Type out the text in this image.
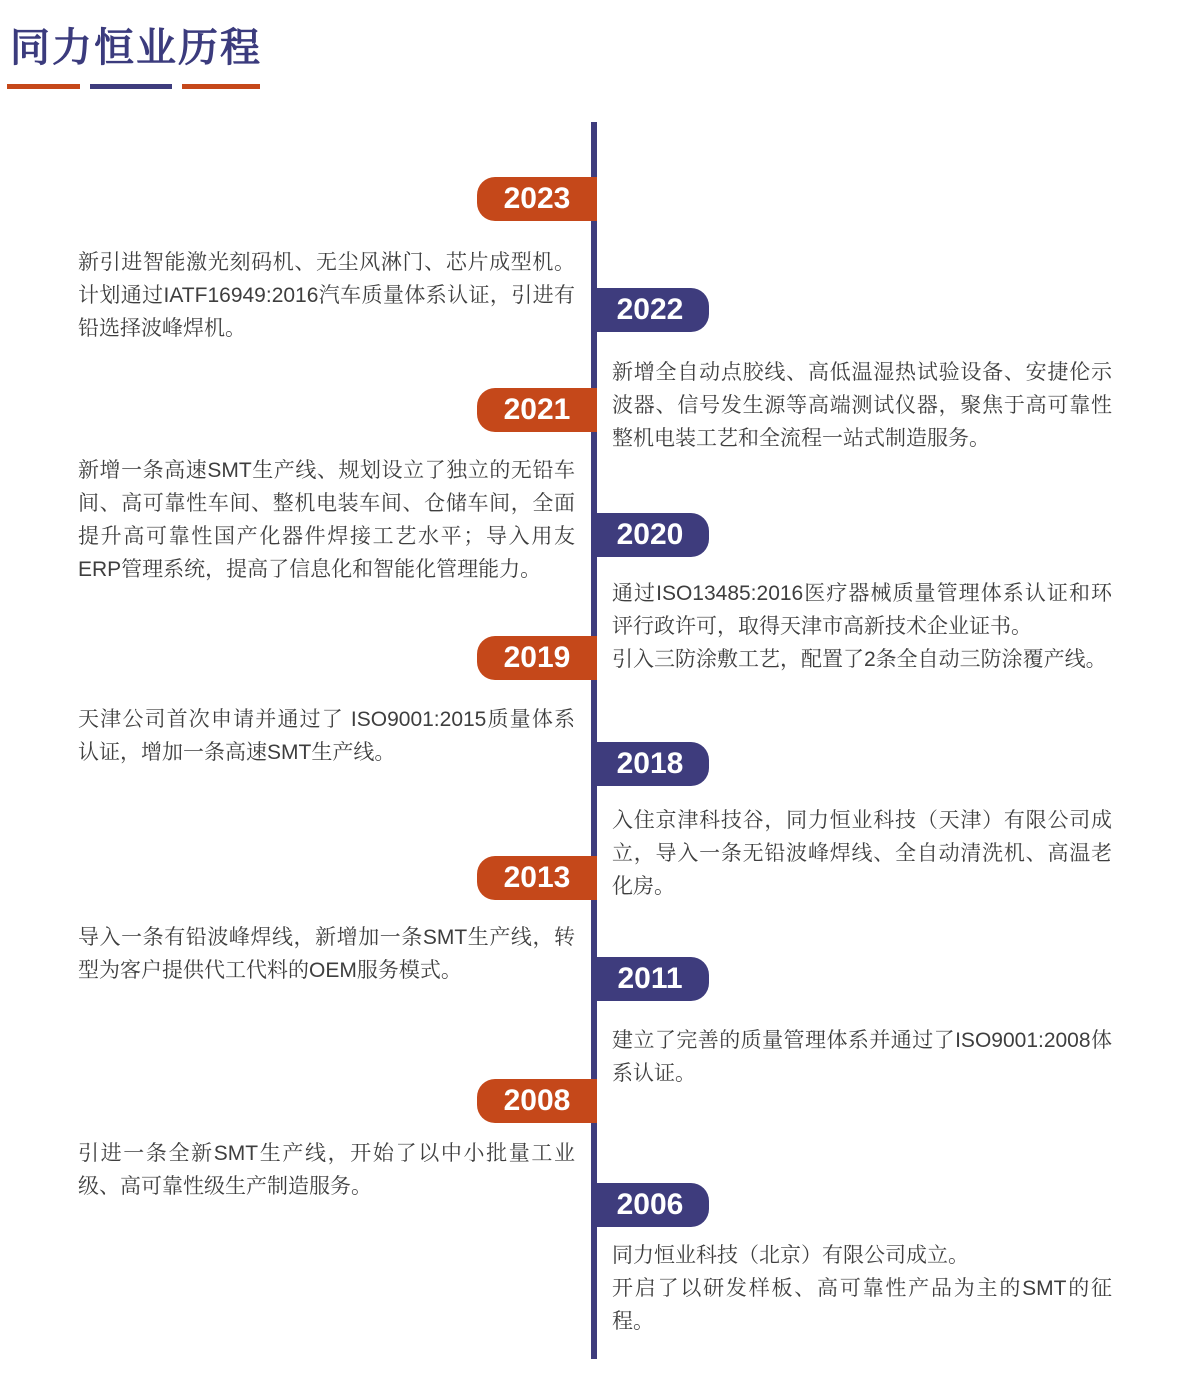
同力恒业历程
2023

新引进智能激光刻码机、无尘风淋门、芯片成型机。计划通过IATF16949:2016汽车质量体系认证，引进有铅选择波峰焊机。

2022

新增全自动点胶线、高低温湿热试验设备、安捷伦示波器、信号发生源等高端测试仪器，聚焦于高可靠性整机电装工艺和全流程一站式制造服务。

2021

新增一条高速SMT生产线、规划设立了独立的无铅车间、高可靠性车间、整机电装车间、仓储车间，全面提升高可靠性国产化器件焊接工艺水平；导入用友ERP管理系统，提高了信息化和智能化管理能力。

2020

通过ISO13485:2016医疗器械质量管理体系认证和环评行政许可，取得天津市高新技术企业证书。

引入三防涂敷工艺，配置了2条全自动三防涂覆产线。

2019

天津公司首次申请并通过了 ISO9001:2015质量体系认证，增加一条高速SMT生产线。	2018

入住京津科技谷，同力恒业科技（天津）有限公司成立，导入一条无铅波峰焊线、全自动清洗机、高温老化房。

2013

导入一条有铅波峰焊线，新增加一条SMT生产线，转型为客户提供代工代料的OEM服务模式。	2011

建立了完善的质量管理体系并通过了ISO9001:2008体系认证。

2008

引进一条全新SMT生产线，开始了以中小批量工业级、高可靠性级生产制造服务。

2006

同力恒业科技（北京）有限公司成立。

开启了以研发样板、高可靠性产品为主的SMT的征程。
